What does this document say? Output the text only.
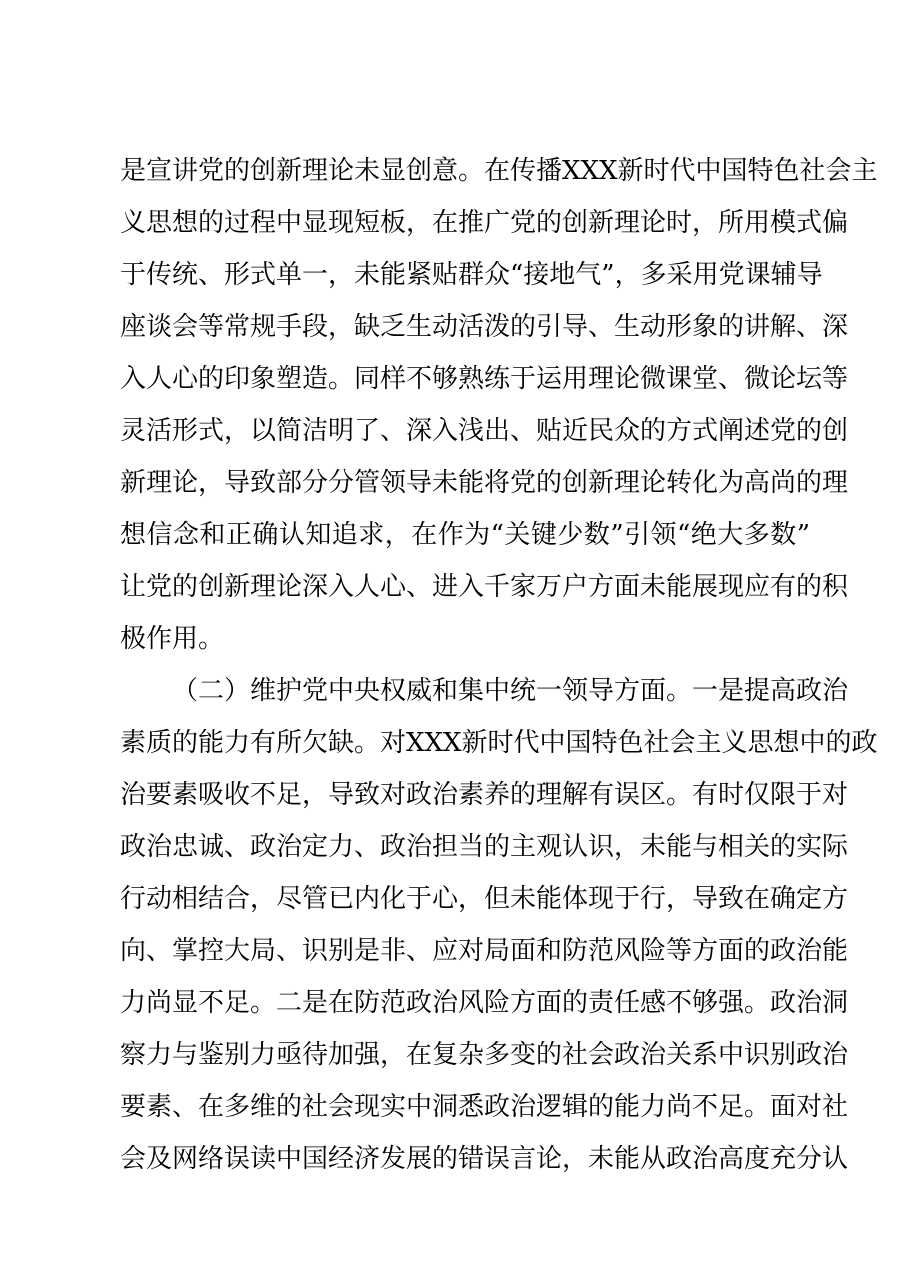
是宣讲党的创新理论未显创意。在传播XXX新时代中国特色社会主
义思想的过程中显现短板，在推广党的创新理论时，所用模式偏
于传统、形式单一，未能紧贴群众“接地气”，多采用党课辅导
座谈会等常规手段，缺乏生动活泼的引导、生动形象的讲解、深
入人心的印象塑造。同样不够熟练于运用理论微课堂、微论坛等
灵活形式，以简洁明了、深入浅出、贴近民众的方式阐述党的创
新理论，导致部分分管领导未能将党的创新理论转化为高尚的理
想信念和正确认知追求，在作为“关键少数”引领“绝大多数”
让党的创新理论深入人心、进入千家万户方面未能展现应有的积
极作用。
（二）维护党中央权威和集中统一领导方面。一是提高政治
素质的能力有所欠缺。对XXX新时代中国特色社会主义思想中的政
治要素吸收不足，导致对政治素养的理解有误区。有时仅限于对
政治忠诚、政治定力、政治担当的主观认识，未能与相关的实际
行动相结合，尽管已内化于心，但未能体现于行，导致在确定方
向、掌控大局、识别是非、应对局面和防范风险等方面的政治能
力尚显不足。二是在防范政治风险方面的责任感不够强。政治洞
察力与鉴别力亟待加强，在复杂多变的社会政治关系中识别政治
要素、在多维的社会现实中洞悉政治逻辑的能力尚不足。面对社
会及网络误读中国经济发展的错误言论，未能从政治高度充分认
